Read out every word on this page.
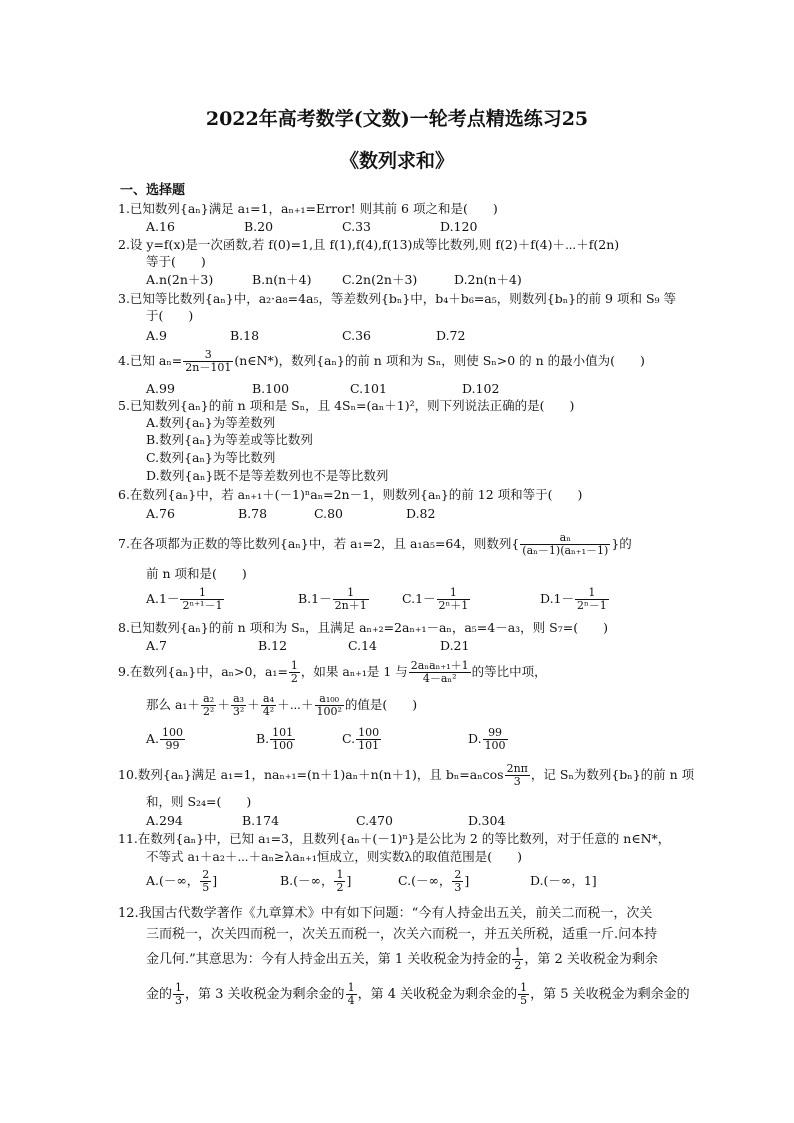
2022年高考数学(文数)一轮考点精选练习25
《数列求和》
一、选择题
1.已知数列{aₙ}满足 a₁=1，aₙ₊₁=Error! 则其前 6 项之和是(　　)
A.16	B.20	C.33	D.120
2.设 y=f(x)是一次函数,若 f(0)=1,且 f(1),f(4),f(13)成等比数列,则 f(2)＋f(4)＋⋯＋f(2n)
等于(　　)
A.n(2n＋3)	B.n(n＋4) C.2n(2n＋3)	D.2n(n＋4)
3.已知等比数列{aₙ}中，a₂·a₈=4a₅，等差数列{bₙ}中，b₄＋b₆=a₅，则数列{bₙ}的前 9 项和 S₉ 等
于(　　)
A.9	B.18	C.36	D.72
4.已知 $a_n= \frac{3}{2n-101}$ (n∈N*)，数列{aₙ}的前 n 项和为 Sₙ，则使 Sₙ>0 的 n 的最小值为(　　)
A.99	B.100	C.101	D.102
5.已知数列{aₙ}的前 n 项和是 Sₙ，且 4Sₙ=(aₙ＋1)²，则下列说法正确的是(　　)
A.数列{aₙ}为等差数列
B.数列{aₙ}为等差或等比数列
C.数列{aₙ}为等比数列
D.数列{aₙ}既不是等差数列也不是等比数列
6.在数列{aₙ}中，若 aₙ₊₁＋(－1)ⁿaₙ=2n－1，则数列{aₙ}的前 12 项和等于(　　)
A.76	B.78	C.80	D.82
7.在各项都为正数的等比数列{aₙ}中，若 a₁=2，且 a₁a₅=64，则数列{ $\frac{\text{aₙ}}{\text{(aₙ－1)(aₙ₊₁－1)}}$ }的
前 n 项和是(　　)
$A.1- \frac{1}{\text{2ⁿ⁺¹－1}}$	$B.1- \frac{1}{2n+1}$	$C.1- \frac{1}{\text{2ⁿ＋1}}$	$D.1- \frac{1}{\text{2ⁿ－1}}$
8.已知数列{aₙ}的前 n 项和为 Sₙ，且满足 aₙ₊₂=2aₙ₊₁－aₙ，a₅=4－a₃，则 S₇=(　　)
A.7	B.12	C.14	D.21
9.在数列{aₙ}中，aₙ>0，$a_1= \frac{1}{2}$ ，如果 aₙ₊₁是 1 与 $\frac{\text{2aₙaₙ₊₁＋1}}{\text{4－aₙ²}}$ 的等比中项，
那么 $a_1+ \frac{\text{a₂}}{\text{2²}} + \frac{\text{a₃}}{\text{3²}} + \frac{\text{a₄}}{\text{4²}}$ ＋⋯＋ $\frac{\text{a₁₀₀}}{\text{100²}}$ 的值是(　　)
A. $\frac{100}{99}$	B. $\frac{101}{100}$	C. $\frac{100}{101}$	D. $\frac{99}{100}$
10.数列{aₙ}满足 a₁=1，naₙ₊₁=(n＋1)aₙ＋n(n＋1)，且 $b_n=a_n\cos \frac{2n\pi}{3}$ ，记 Sₙ为数列{bₙ}的前 n 项
和，则 S₂₄=(　　)
A.294	B.174	C.470	D.304
11.在数列{aₙ}中，已知 a₁=3，且数列{aₙ＋(－1)ⁿ}是公比为 2 的等比数列，对于任意的 n∈N*，
不等式 a₁＋a₂＋⋯＋aₙ≥λaₙ₊₁恒成立，则实数λ的取值范围是(　　)
A.(－∞， $\frac{2}{5}$ ]	B.(－∞， $\frac{1}{2}$ ]	C.(－∞， $\frac{2}{3}$ ]	D.(－∞，1]
12.我国古代数学著作《九章算术》中有如下问题：“今有人持金出五关，前关二而税一，次关
三而税一，次关四而税一，次关五而税一，次关六而税一，并五关所税，适重一斤.问本持
金几何.”其意思为：今有人持金出五关，第 1 关收税金为持金的 $\frac{1}{2}$ ，第 2 关收税金为剩余
金的 $\frac{1}{3}$ ，第 3 关收税金为剩余金的 $\frac{1}{4}$ ，第 4 关收税金为剩余金的 $\frac{1}{5}$ ，第 5 关收税金为剩余金的
